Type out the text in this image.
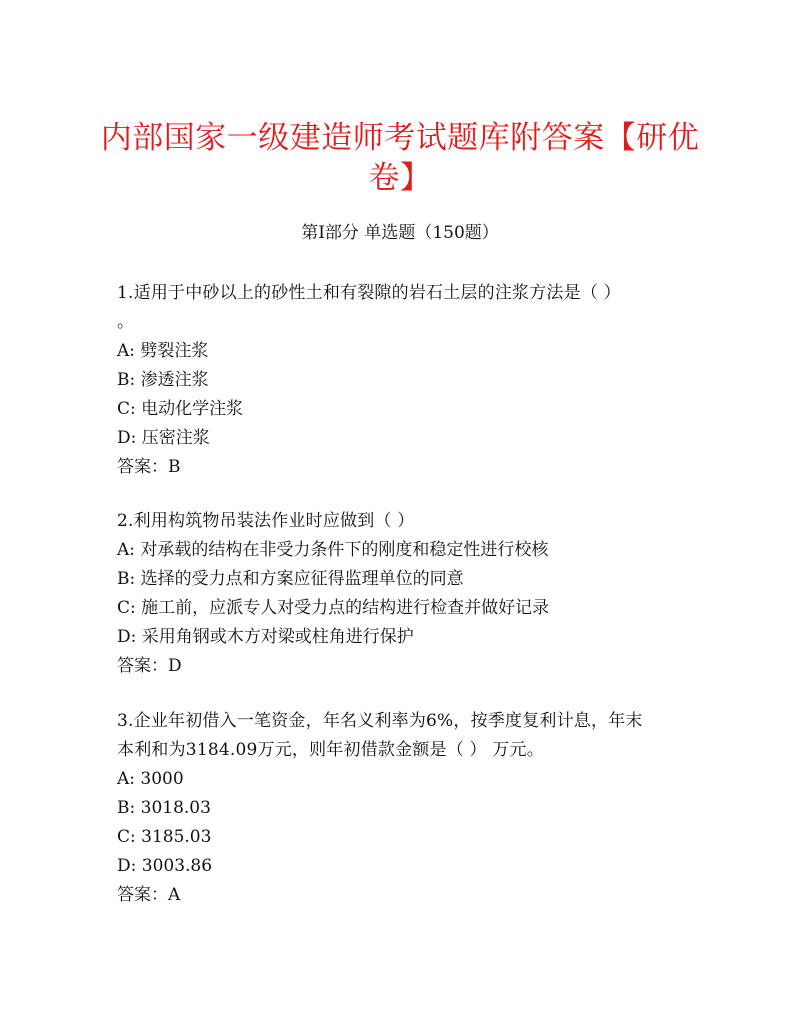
内部国家一级建造师考试题库附答案【研优卷】
第I部分 单选题（150题）

1.适用于中砂以上的砂性土和有裂隙的岩石土层的注浆方法是（ ）

。

A: 劈裂注浆

B: 渗透注浆

C: 电动化学注浆

D: 压密注浆

答案：B

2.利用构筑物吊装法作业时应做到（ ）

A: 对承载的结构在非受力条件下的刚度和稳定性进行校核

B: 选择的受力点和方案应征得监理单位的同意

C: 施工前，应派专人对受力点的结构进行检查并做好记录

D: 采用角钢或木方对梁或柱角进行保护

答案：D

3.企业年初借入一笔资金，年名义利率为6%，按季度复利计息，年末

本利和为3184.09万元，则年初借款金额是（ ） 万元。

A: 3000

B: 3018.03

C: 3185.03

D: 3003.86

答案：A
